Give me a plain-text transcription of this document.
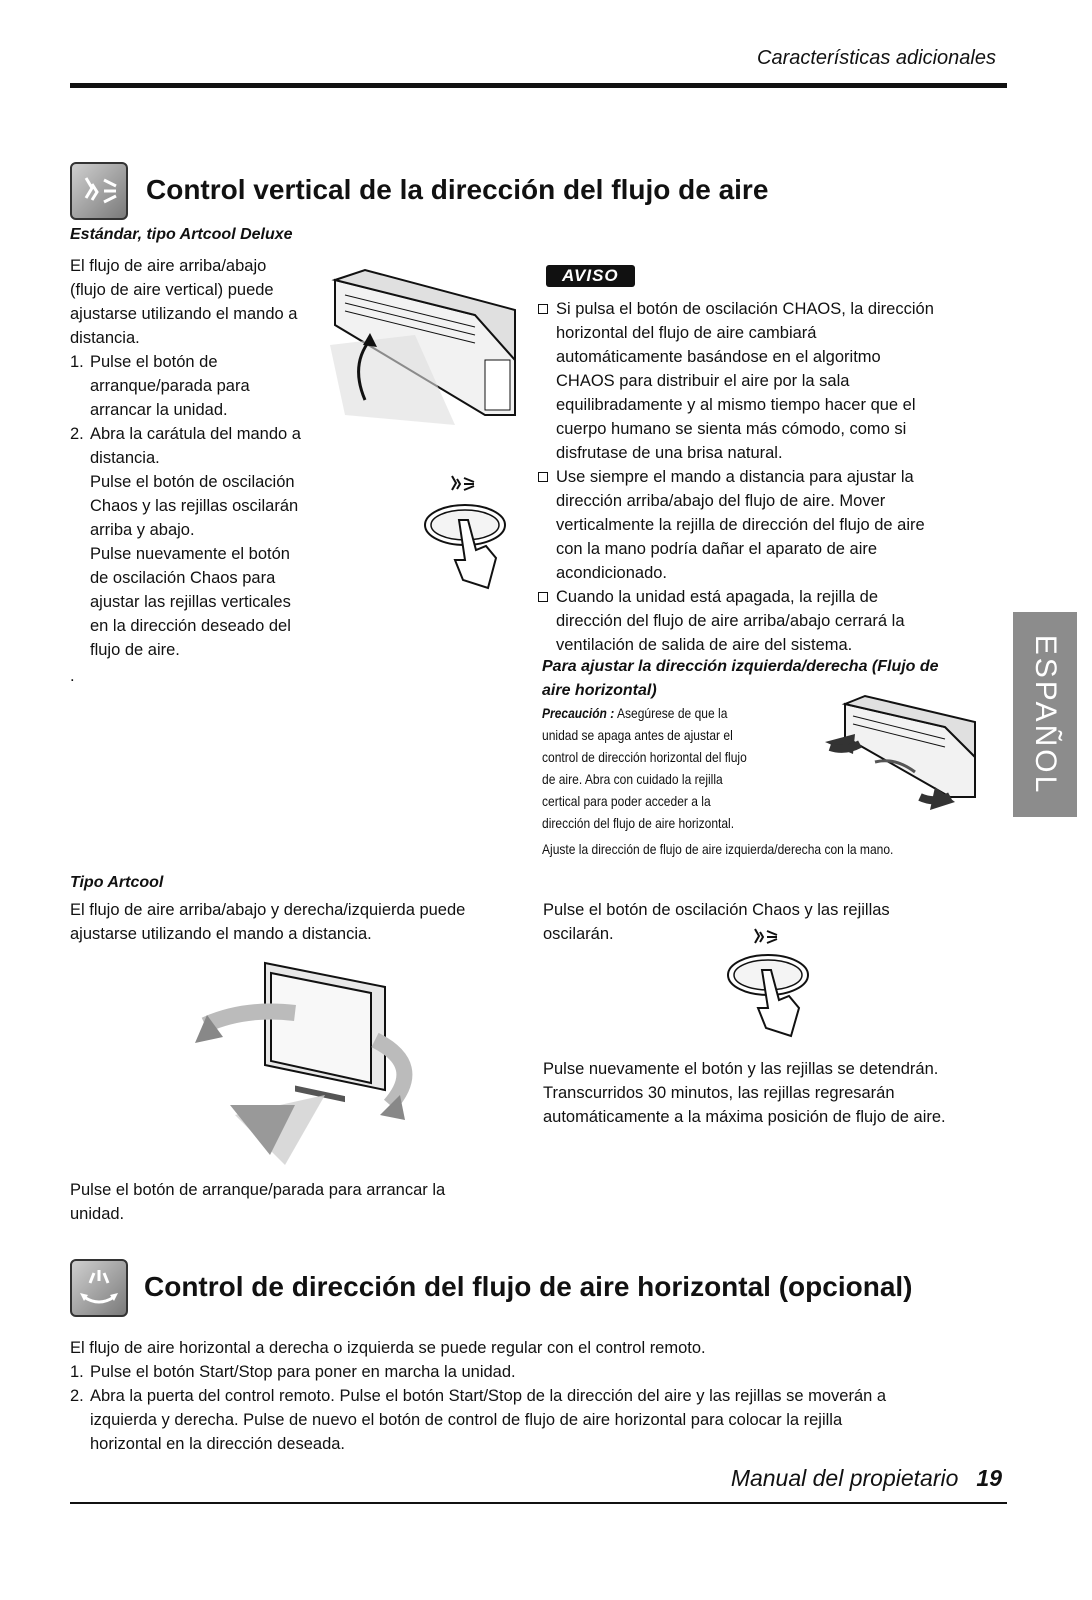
Características adicionales
Control vertical de la dirección del flujo de aire
Estándar, tipo Artcool Deluxe

El flujo de aire arriba/abajo

(flujo de aire vertical) puede

ajustarse utilizando el mando a

distancia.

1. Pulse el botón de
arranque/parada para
arrancar la unidad.
2. Abra la carátula del mando a
distancia.

Pulse el botón de oscilación

Chaos y las rejillas oscilarán

arriba y abajo.

Pulse nuevamente el botón

de oscilación Chaos para

ajustar las rejillas verticales

en la dirección deseado del

flujo de aire.

.

AVISO
Si pulsa el botón de oscilación CHAOS, la dirección
horizontal del flujo de aire cambiará
automáticamente basándose en el algoritmo
CHAOS para distribuir el aire por la sala
equilibradamente y al mismo tiempo hacer que el
cuerpo humano se sienta más cómodo, como si
disfrutase de una brisa natural.
Use siempre el mando a distancia para ajustar la
dirección arriba/abajo del flujo de aire. Mover
verticalmente la rejilla de dirección del flujo de aire
con la mano podría dañar el aparato de aire
acondicionado.
Cuando la unidad está apagada, la rejilla de
dirección del flujo de aire arriba/abajo cerrará la
ventilación de salida de aire del sistema.
Para ajustar la dirección izquierda/derecha (Flujo de
aire horizontal)
Precaución : Asegúrese de que la
unidad se apaga antes de ajustar el
control de dirección horizontal del flujo
de aire. Abra con cuidado la rejilla
certical para poder acceder a la
dirección del flujo de aire horizontal.
Ajuste la dirección de flujo de aire izquierda/derecha con la mano.
ESPAÑOL
Tipo Artcool

El flujo de aire arriba/abajo y derecha/izquierda puede

ajustarse utilizando el mando a distancia.

Pulse el botón de arranque/parada para arrancar la

unidad.

Pulse el botón de oscilación Chaos y las rejillas

oscilarán.

Pulse nuevamente el botón y las rejillas se detendrán.

Transcurridos 30 minutos, las rejillas regresarán

automáticamente a la máxima posición de flujo de aire.

Control de dirección del flujo de aire horizontal (opcional)

El flujo de aire horizontal a derecha o izquierda se puede regular con el control remoto.

1. Pulse el botón Start/Stop para poner en marcha la unidad.
2. Abra la puerta del control remoto. Pulse el botón Start/Stop de la dirección del aire y las rejillas se moverán a
izquierda y derecha. Pulse de nuevo el botón de control de flujo de aire horizontal para colocar la rejilla
horizontal en la dirección deseada.
Manual del propietario 19
